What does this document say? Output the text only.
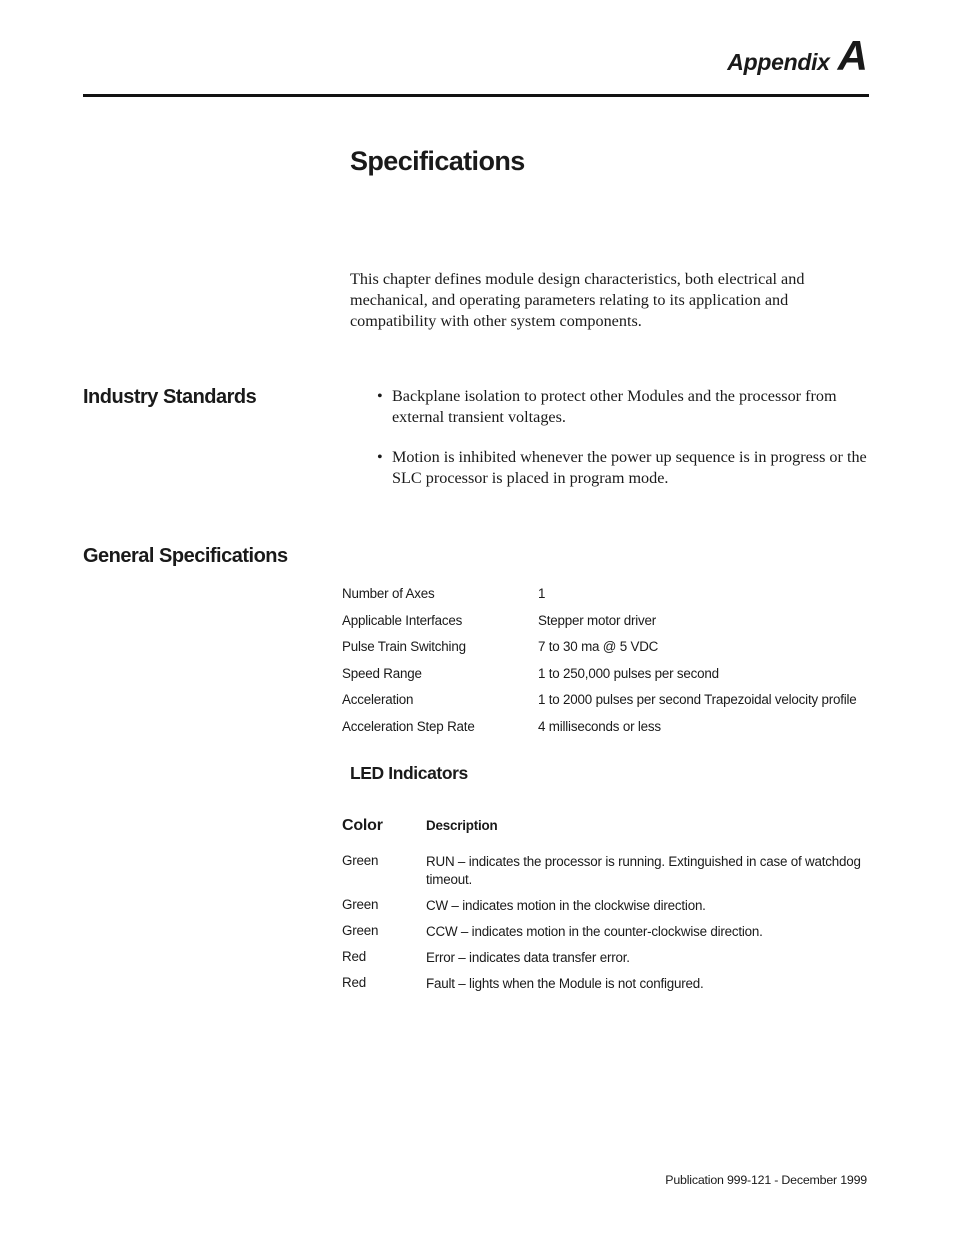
Appendix A
Specifications
This chapter defines module design characteristics, both electrical and mechanical, and operating parameters relating to its application and compatibility with other system components.
Industry Standards	• Backplane isolation to protect other Modules and the processor from external transient voltages.
• Motion is inhibited whenever the power up sequence is in progress or the SLC processor is placed in program mode.
General Specifications
Number of Axes	1
Applicable Interfaces	Stepper motor driver
Pulse Train Switching	7 to 30 ma @ 5 VDC
Speed Range	1 to 250,000 pulses per second
Acceleration	1 to 2000 pulses per second Trapezoidal velocity profile
Acceleration Step Rate	4 milliseconds or less
LED Indicators
Color	Description
Green	RUN – indicates the processor is running. Extinguished in case of watchdog timeout.
Green	CW – indicates motion in the clockwise direction.
Green	CCW – indicates motion in the counter-clockwise direction.
Red	Error – indicates data transfer error.
Red	Fault – lights when the Module is not configured.
Publication 999-121 - December 1999
